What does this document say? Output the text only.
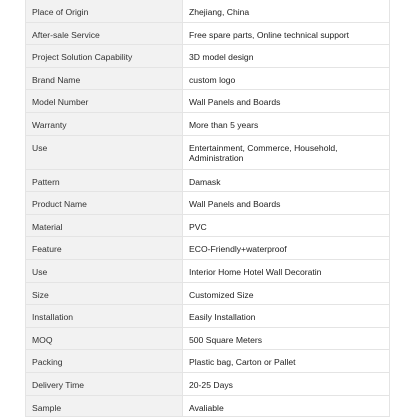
Place of Origin	Zhejiang, China
After-sale Service	Free spare parts, Online technical support
Project Solution Capability	3D model design
Brand Name	custom logo
Model Number	Wall Panels and Boards
Warranty	More than 5 years
Use	Entertainment, Commerce, Household, Administration
Pattern	Damask
Product Name	Wall Panels and Boards
Material	PVC
Feature	ECO-Friendly+waterproof
Use	Interior Home Hotel Wall Decoratin
Size	Customized Size
Installation	Easily Installation
MOQ	500 Square Meters
Packing	Plastic bag, Carton or Pallet
Delivery Time	20-25 Days
Sample	Avaliable
